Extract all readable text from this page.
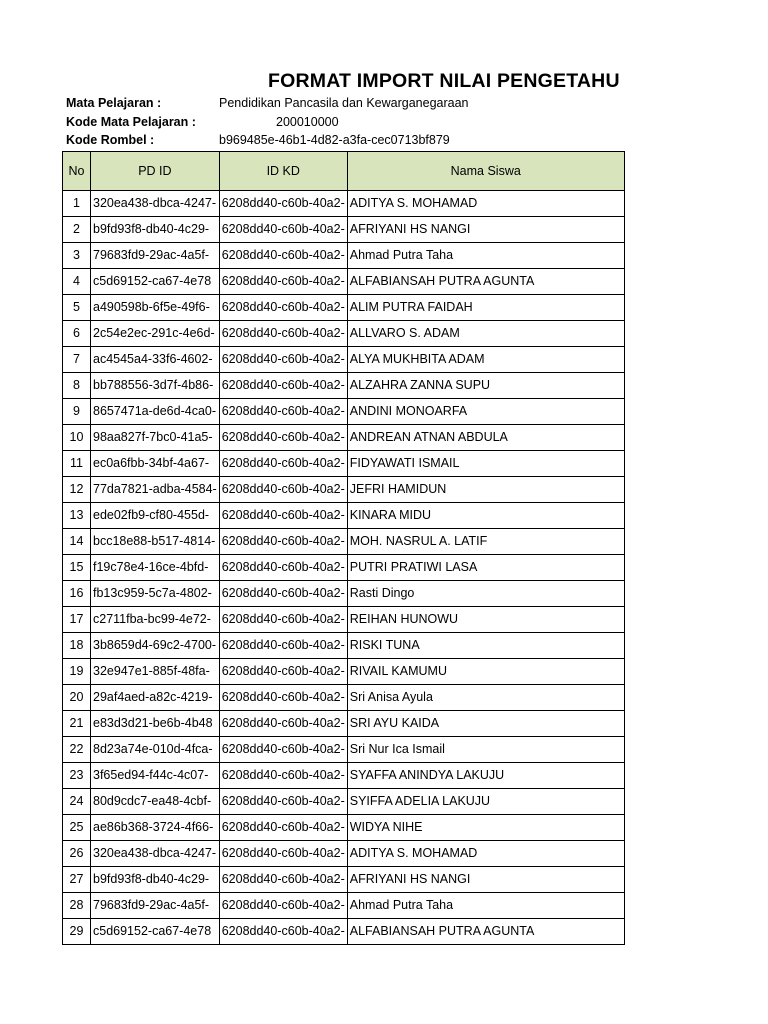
FORMAT IMPORT NILAI PENGETAHU
Mata Pelajaran :	Pendidikan Pancasila dan Kewarganegaraan
Kode Mata Pelajaran :	200010000
Kode Rombel :	b969485e-46b1-4d82-a3fa-cec0713bf879
No	PD ID	ID KD	Nama Siswa
1	320ea438-dbca-4247-	6208dd40-c60b-40a2-	ADITYA S. MOHAMAD
2	b9fd93f8-db40-4c29-	6208dd40-c60b-40a2-	AFRIYANI HS NANGI
3	79683fd9-29ac-4a5f-	6208dd40-c60b-40a2-	Ahmad Putra Taha
4	c5d69152-ca67-4e78	6208dd40-c60b-40a2-	ALFABIANSAH PUTRA AGUNTA
5	a490598b-6f5e-49f6-	6208dd40-c60b-40a2-	ALIM PUTRA FAIDAH
6	2c54e2ec-291c-4e6d-	6208dd40-c60b-40a2-	ALLVARO S. ADAM
7	ac4545a4-33f6-4602-	6208dd40-c60b-40a2-	ALYA MUKHBITA ADAM
8	bb788556-3d7f-4b86-	6208dd40-c60b-40a2-	ALZAHRA ZANNA SUPU
9	8657471a-de6d-4ca0-	6208dd40-c60b-40a2-	ANDINI MONOARFA
10	98aa827f-7bc0-41a5-	6208dd40-c60b-40a2-	ANDREAN ATNAN ABDULA
11	ec0a6fbb-34bf-4a67-	6208dd40-c60b-40a2-	FIDYAWATI ISMAIL
12	77da7821-adba-4584-	6208dd40-c60b-40a2-	JEFRI HAMIDUN
13	ede02fb9-cf80-455d-	6208dd40-c60b-40a2-	KINARA MIDU
14	bcc18e88-b517-4814-	6208dd40-c60b-40a2-	MOH. NASRUL A. LATIF
15	f19c78e4-16ce-4bfd-	6208dd40-c60b-40a2-	PUTRI PRATIWI LASA
16	fb13c959-5c7a-4802-	6208dd40-c60b-40a2-	Rasti Dingo
17	c2711fba-bc99-4e72-	6208dd40-c60b-40a2-	REIHAN HUNOWU
18	3b8659d4-69c2-4700-	6208dd40-c60b-40a2-	RISKI TUNA
19	32e947e1-885f-48fa-	6208dd40-c60b-40a2-	RIVAIL KAMUMU
20	29af4aed-a82c-4219-	6208dd40-c60b-40a2-	Sri Anisa Ayula
21	e83d3d21-be6b-4b48	6208dd40-c60b-40a2-	SRI AYU KAIDA
22	8d23a74e-010d-4fca-	6208dd40-c60b-40a2-	Sri Nur Ica Ismail
23	3f65ed94-f44c-4c07-	6208dd40-c60b-40a2-	SYAFFA ANINDYA LAKUJU
24	80d9cdc7-ea48-4cbf-	6208dd40-c60b-40a2-	SYIFFA ADELIA LAKUJU
25	ae86b368-3724-4f66-	6208dd40-c60b-40a2-	WIDYA NIHE
26	320ea438-dbca-4247-	6208dd40-c60b-40a2-	ADITYA S. MOHAMAD
27	b9fd93f8-db40-4c29-	6208dd40-c60b-40a2-	AFRIYANI HS NANGI
28	79683fd9-29ac-4a5f-	6208dd40-c60b-40a2-	Ahmad Putra Taha
29	c5d69152-ca67-4e78	6208dd40-c60b-40a2-	ALFABIANSAH PUTRA AGUNTA
